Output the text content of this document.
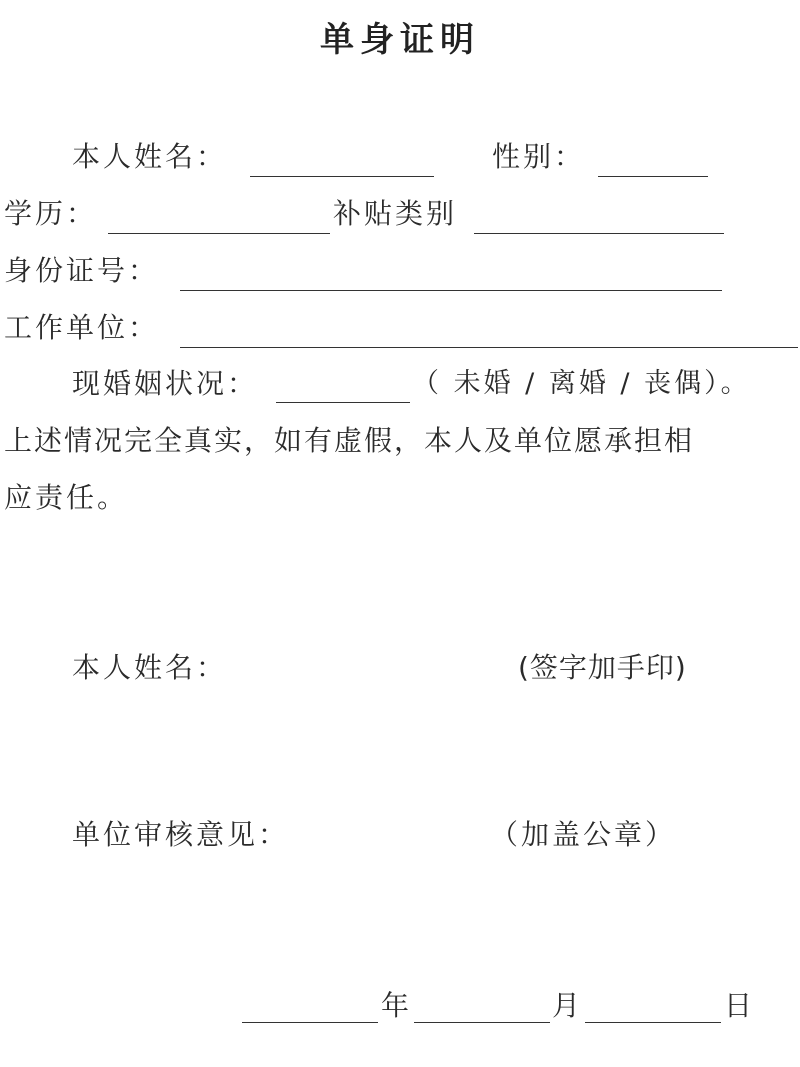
单身证明
本人姓名：	性别：
学历：	补贴类别
身份证号：
工作单位：
现婚姻状况：	（ 未婚 / 离婚 / 丧偶）。
上述情况完全真实，如有虚假，本人及单位愿承担相
应责任。
本人姓名：	(签字加手印)
单位审核意见：	（加盖公章）
年	月	日
